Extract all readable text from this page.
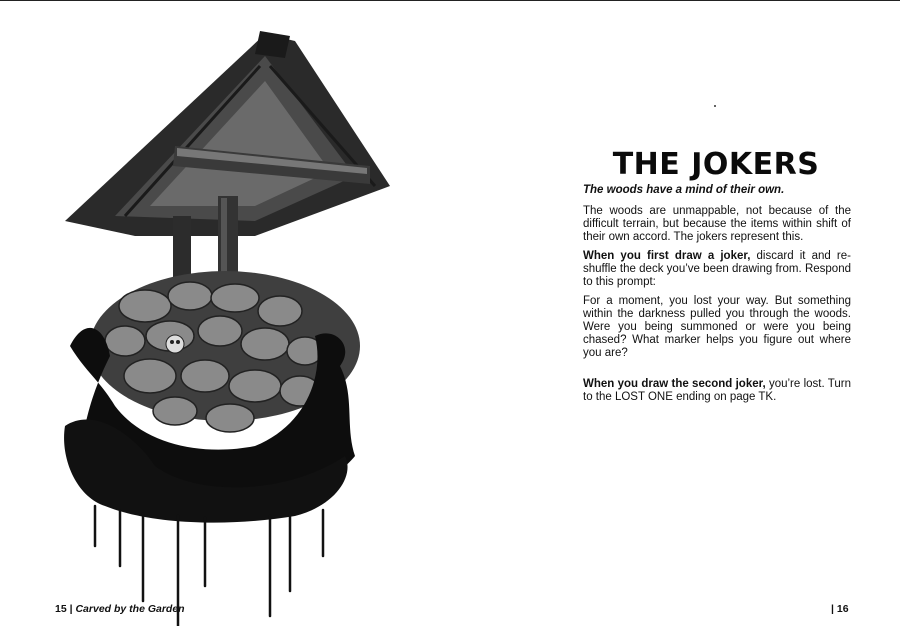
THE JOKERS
The woods have a mind of their own.
The woods are unmappable, not because of the difficult terrain, but because the items within shift of their own accord. The jokers represent this.
When you first draw a joker, discard it and re-shuffle the deck you’ve been drawing from. Respond to this prompt:
For a moment, you lost your way. But something within the darkness pulled you through the woods. Were you being summoned or were you being chased? What marker helps you figure out where you are?
When you draw the second joker, you’re lost. Turn to the LOST ONE ending on page TK.
15 | Carved by the Garden	| 16
